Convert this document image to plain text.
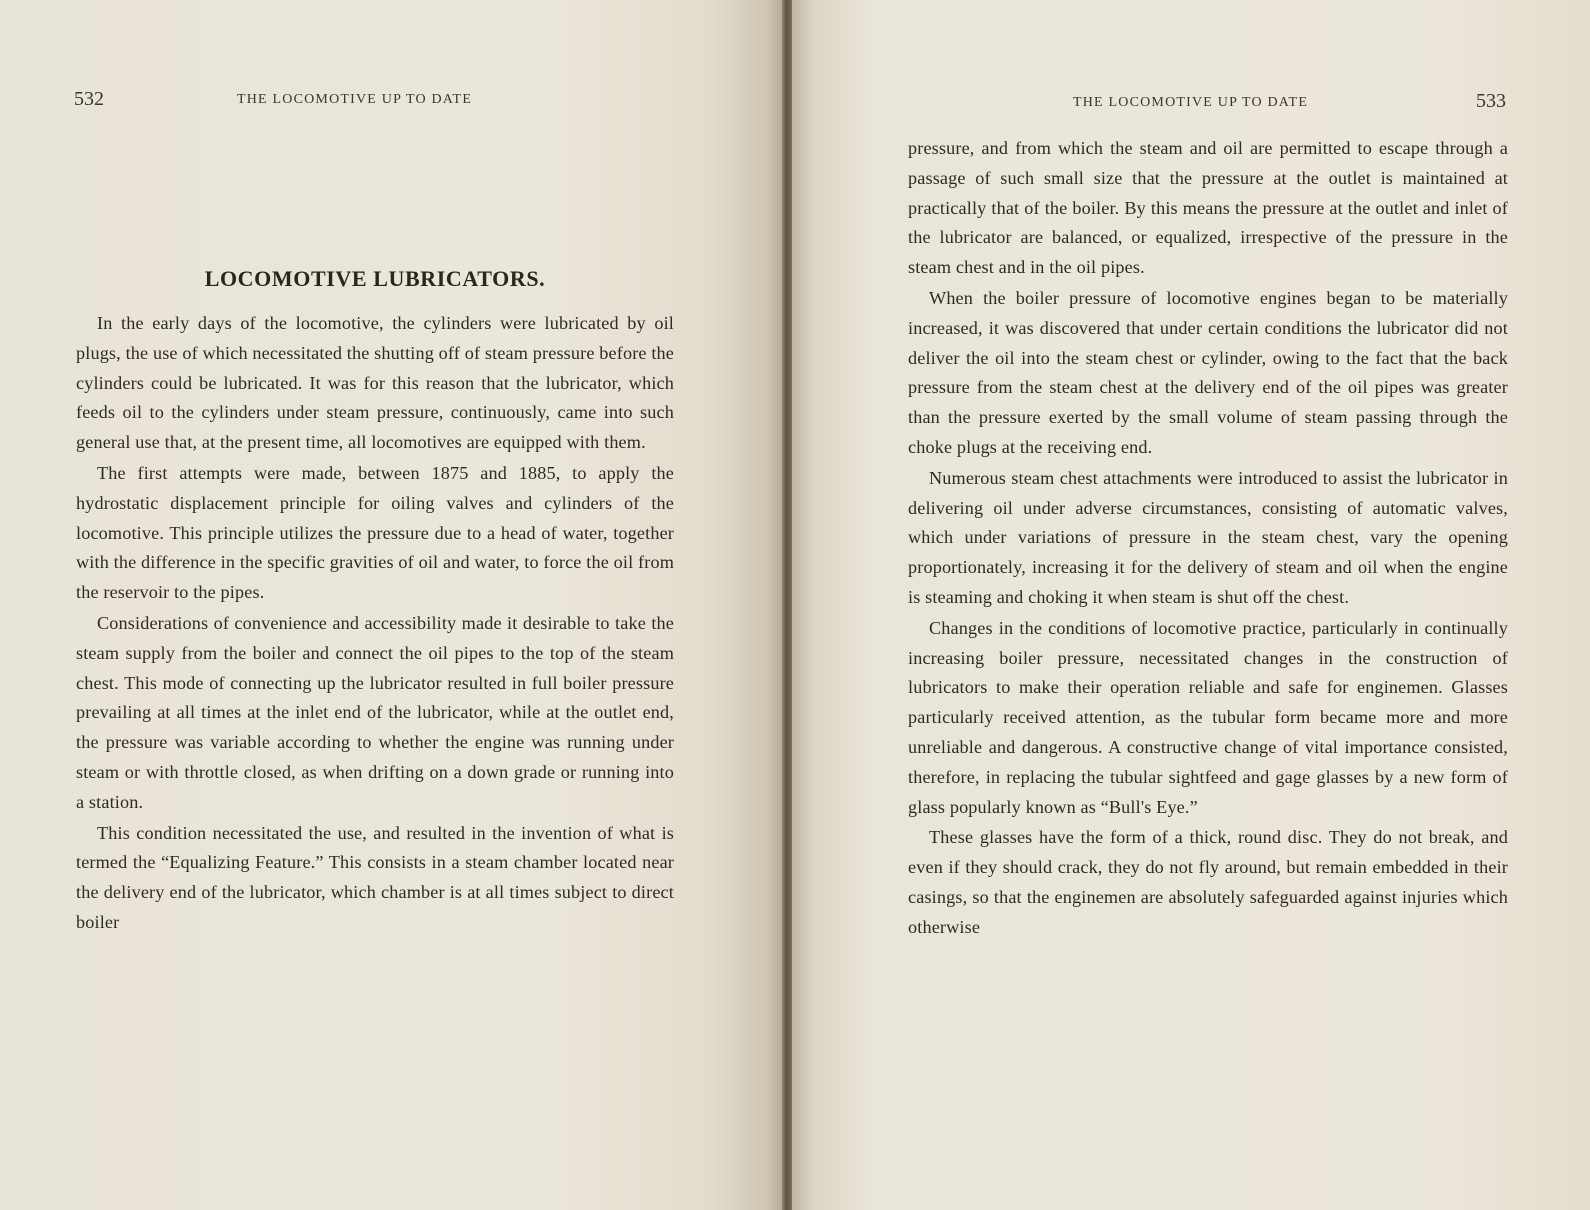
532	THE LOCOMOTIVE UP TO DATE
LOCOMOTIVE LUBRICATORS.

In the early days of the locomotive, the cylinders were lubricated by oil plugs, the use of which necessitated the shutting off of steam pressure before the cylinders could be lubricated. It was for this reason that the lubricator, which feeds oil to the cylinders under steam pressure, continuously, came into such general use that, at the present time, all locomotives are equipped with them.

The first attempts were made, between 1875 and 1885, to apply the hydrostatic displacement principle for oiling valves and cylinders of the locomotive. This principle utilizes the pressure due to a head of water, together with the difference in the specific gravities of oil and water, to force the oil from the reservoir to the pipes.

Considerations of convenience and accessibility made it desirable to take the steam supply from the boiler and connect the oil pipes to the top of the steam chest. This mode of connecting up the lubricator resulted in full boiler pressure prevailing at all times at the inlet end of the lubricator, while at the outlet end, the pressure was variable according to whether the engine was running under steam or with throttle closed, as when drifting on a down grade or running into a station.

This condition necessitated the use, and resulted in the invention of what is termed the “Equalizing Feature.” This consists in a steam chamber located near the delivery end of the lubricator, which chamber is at all times subject to direct boiler

THE LOCOMOTIVE UP TO DATE	533

pressure, and from which the steam and oil are permitted to escape through a passage of such small size that the pressure at the outlet is maintained at practically that of the boiler. By this means the pressure at the outlet and inlet of the lubricator are balanced, or equalized, irrespective of the pressure in the steam chest and in the oil pipes.

When the boiler pressure of locomotive engines began to be materially increased, it was discovered that under certain conditions the lubricator did not deliver the oil into the steam chest or cylinder, owing to the fact that the back pressure from the steam chest at the delivery end of the oil pipes was greater than the pressure exerted by the small volume of steam passing through the choke plugs at the receiving end.

Numerous steam chest attachments were introduced to assist the lubricator in delivering oil under adverse circumstances, consisting of automatic valves, which under variations of pressure in the steam chest, vary the opening proportionately, increasing it for the delivery of steam and oil when the engine is steaming and choking it when steam is shut off the chest.

Changes in the conditions of locomotive practice, particularly in continually increasing boiler pressure, necessitated changes in the construction of lubricators to make their operation reliable and safe for enginemen. Glasses particularly received attention, as the tubular form became more and more unreliable and dangerous. A constructive change of vital importance consisted, therefore, in replacing the tubular sightfeed and gage glasses by a new form of glass popularly known as “Bull's Eye.”

These glasses have the form of a thick, round disc. They do not break, and even if they should crack, they do not fly around, but remain embedded in their casings, so that the enginemen are absolutely safeguarded against injuries which otherwise
